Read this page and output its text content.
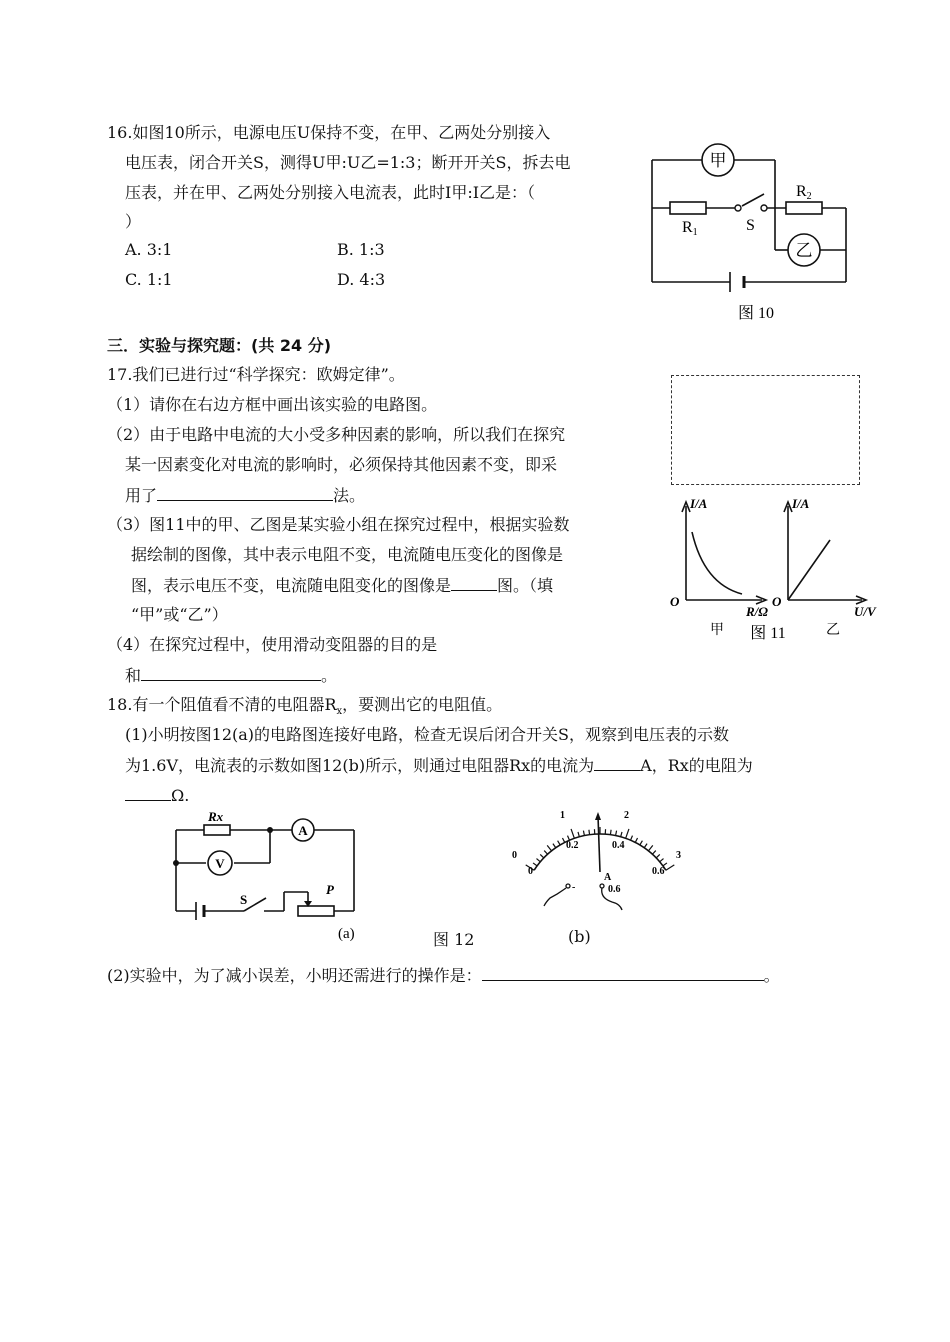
16.如图10所示，电源电压U保持不变，在甲、乙两处分别接入
电压表，闭合开关S，测得U甲:U乙=1:3；断开开关S，拆去电
压表，并在甲、乙两处分别接入电流表，此时I甲:I乙是：（
）
A. 3:1	B. 1:3
C. 1:1	D. 4:3
甲
乙
R1
R2
S
图 10
三．实验与探究题：(共 24 分)
17.我们已进行过“科学探究：欧姆定律”。
（1）请你在右边方框中画出该实验的电路图。
（2）由于电路中电流的大小受多种因素的影响，所以我们在探究
某一因素变化对电流的影响时，必须保持其他因素不变，即采
用了	法。
（3）图11中的甲、乙图是某实验小组在探究过程中，根据实验数
据绘制的图像，其中表示电阻不变，电流随电压变化的图像是
图，表示电压不变，电流随电阻变化的图像是	图。（填
“甲”或“乙”）
（4）在探究过程中，使用滑动变阻器的目的是
和	。
I/A
R/Ω
O
I/A
U/V
O
甲	乙
图 11
18.有一个阻值看不清的电阻器$R_x$，要测出它的电阻值。
(1)小明按图12(a)的电路图连接好电路，检查无误后闭合开关S，观察到电压表的示数
为1.6V，电流表的示数如图12(b)所示，则通过电阻器Rx的电流为	A，Rx的电阻为
Ω.
A
V
Rx
S
P
(a)	图 12	(b)
0
1	2
3
0
0.2	0.4
0.6
A
0.6
-
(2)实验中，为了减小误差，小明还需进行的操作是：	。
